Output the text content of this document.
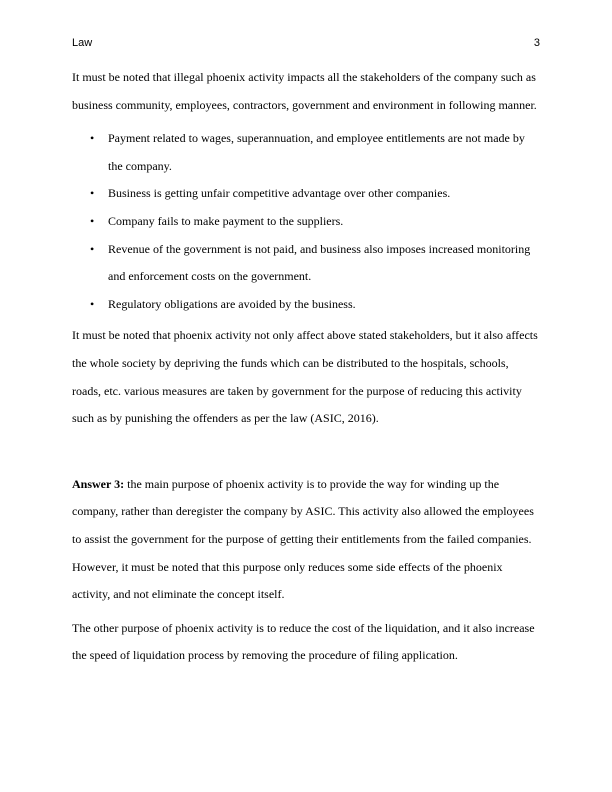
Law	3

It must be noted that illegal phoenix activity impacts all the stakeholders of the company such as business community, employees, contractors, government and environment in following manner.

• Payment related to wages, superannuation, and employee entitlements are not made by the company.
• Business is getting unfair competitive advantage over other companies.
• Company fails to make payment to the suppliers.
• Revenue of the government is not paid, and business also imposes increased monitoring and enforcement costs on the government.
• Regulatory obligations are avoided by the business.

It must be noted that phoenix activity not only affect above stated stakeholders, but it also affects the whole society by depriving the funds which can be distributed to the hospitals, schools, roads, etc. various measures are taken by government for the purpose of reducing this activity such as by punishing the offenders as per the law (ASIC, 2016).

Answer 3: the main purpose of phoenix activity is to provide the way for winding up the company, rather than deregister the company by ASIC. This activity also allowed the employees to assist the government for the purpose of getting their entitlements from the failed companies. However, it must be noted that this purpose only reduces some side effects of the phoenix activity, and not eliminate the concept itself.

The other purpose of phoenix activity is to reduce the cost of the liquidation, and it also increase the speed of liquidation process by removing the procedure of filing application.
